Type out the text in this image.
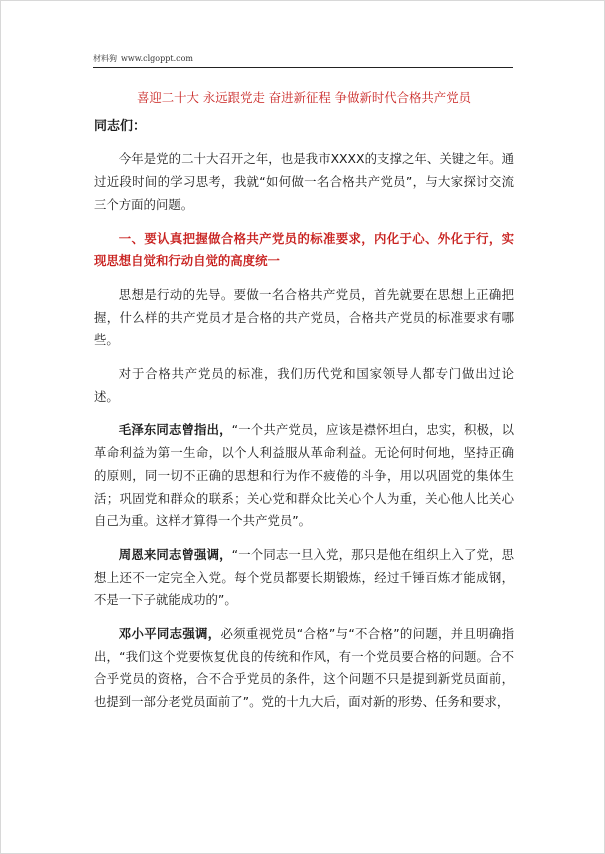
材料狗 www.clgoppt.com

喜迎二十大 永远跟党走 奋进新征程 争做新时代合格共产党员

同志们：

今年是党的二十大召开之年，也是我市XXXX的支撑之年、关键之年。通过近段时间的学习思考，我就“如何做一名合格共产党员”，与大家探讨交流三个方面的问题。

一、要认真把握做合格共产党员的标准要求，内化于心、外化于行，实现思想自觉和行动自觉的高度统一

思想是行动的先导。要做一名合格共产党员，首先就要在思想上正确把握，什么样的共产党员才是合格的共产党员，合格共产党员的标准要求有哪些。

对于合格共产党员的标准，我们历代党和国家领导人都专门做出过论述。

毛泽东同志曾指出，“一个共产党员，应该是襟怀坦白，忠实，积极，以革命利益为第一生命，以个人利益服从革命利益。无论何时何地，坚持正确的原则，同一切不正确的思想和行为作不疲倦的斗争，用以巩固党的集体生活；巩固党和群众的联系；关心党和群众比关心个人为重，关心他人比关心自己为重。这样才算得一个共产党员”。

周恩来同志曾强调，“一个同志一旦入党，那只是他在组织上入了党，思想上还不一定完全入党。每个党员都要长期锻炼，经过千锤百炼才能成钢，不是一下子就能成功的”。

邓小平同志强调，必须重视党员“合格”与“不合格”的问题，并且明确指出，“我们这个党要恢复优良的传统和作风，有一个党员要合格的问题。合不合乎党员的资格，合不合乎党员的条件，这个问题不只是提到新党员面前，也提到一部分老党员面前了”。党的十九大后，面对新的形势、任务和要求，
